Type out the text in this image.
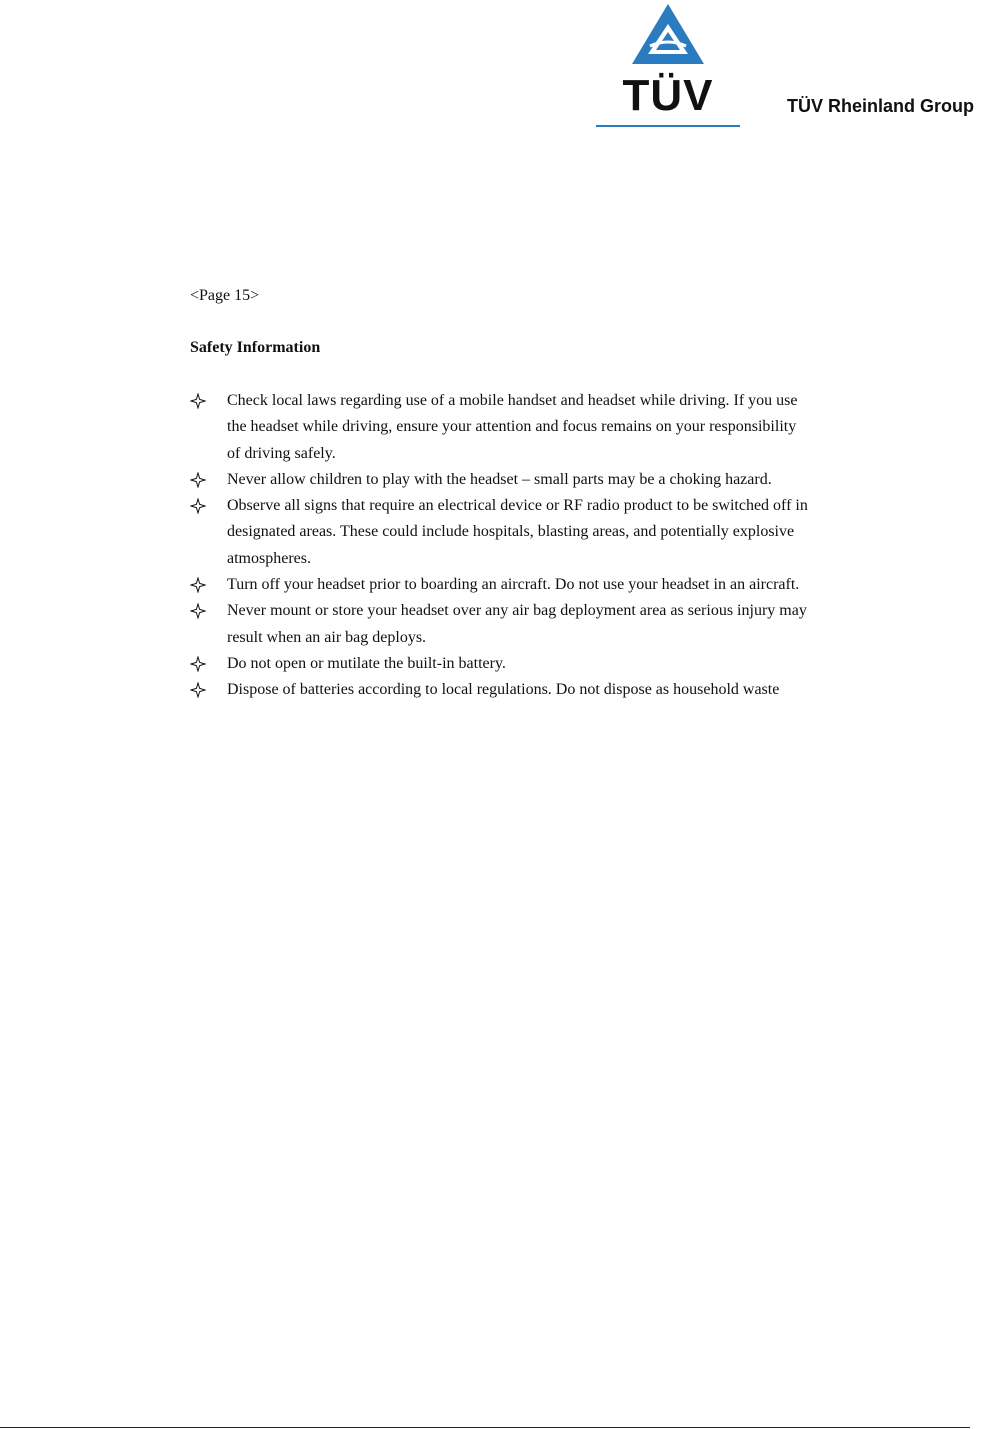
TÜV	TÜV Rheinland Group
<Page 15>
Safety Information
Check local laws regarding use of a mobile handset and headset while driving. If you use the headset while driving, ensure your attention and focus remains on your responsibility of driving safely.
Never allow children to play with the headset – small parts may be a choking hazard.
Observe all signs that require an electrical device or RF radio product to be switched off in designated areas. These could include hospitals, blasting areas, and potentially explosive atmospheres.
Turn off your headset prior to boarding an aircraft. Do not use your headset in an aircraft.
Never mount or store your headset over any air bag deployment area as serious injury may result when an air bag deploys.
Do not open or mutilate the built-in battery.
Dispose of batteries according to local regulations. Do not dispose as household waste
